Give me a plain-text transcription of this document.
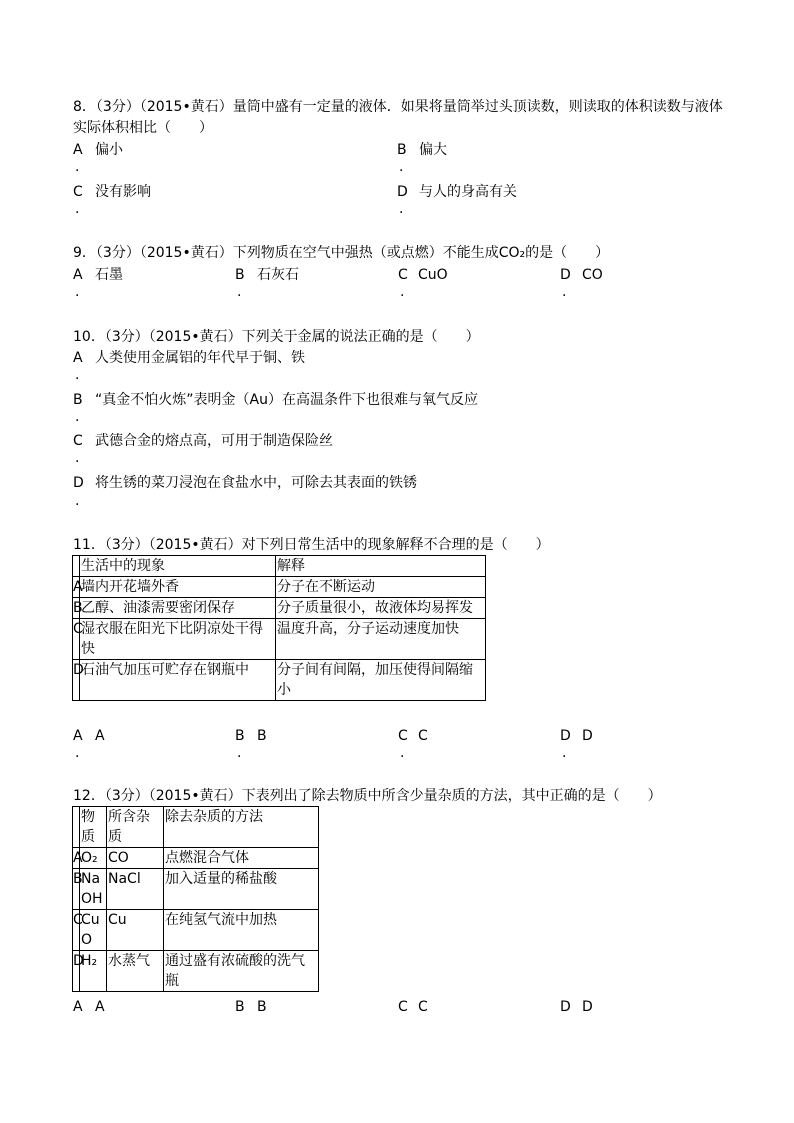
8．（3分）（2015•黄石）量筒中盛有一定量的液体．如果将量筒举过头顶读数，则读取的体积读数与液体
实际体积相比（　　）
A 偏小
.
B 偏大
.
C 没有影响
.
D 与人的身高有关
.
9．（3分）（2015•黄石）下列物质在空气中强热（或点燃）不能生成CO₂的是（　　）
A 石墨
.
B 石灰石
.
C CuO
.
D CO
.
10．（3分）（2015•黄石）下列关于金属的说法正确的是（　　）
A 人类使用金属铝的年代早于铜、铁
.
B “真金不怕火炼”表明金（Au）在高温条件下也很难与氧气反应
.
C 武德合金的熔点高，可用于制造保险丝
.
D 将生锈的菜刀浸泡在食盐水中，可除去其表面的铁锈
.
11．（3分）（2015•黄石）对下列日常生活中的现象解释不合理的是（　　）
	生活中的现象	解释

A	墙内开花墙外香	分子在不断运动

B	乙醇、油漆需要密闭保存	分子质量很小，故液体均易挥发

C	湿衣服在阳光下比阴凉处干得快	温度升高，分子运动速度加快

D	石油气加压可贮存在钢瓶中	分子间有间隔，加压使得间隔缩小
A A
.
B B
.
C C
.
D D
.
12．（3分）（2015•黄石）下表列出了除去物质中所含少量杂质的方法，其中正确的是（　　）
	物质	所含杂质	除去杂质的方法

A	O₂	CO	点燃混合气体

B	NaOH	NaCl	加入适量的稀盐酸

C	CuO	Cu	在纯氢气流中加热

D	H₂	水蒸气	通过盛有浓硫酸的洗气瓶
A A	B B	C C	D D
